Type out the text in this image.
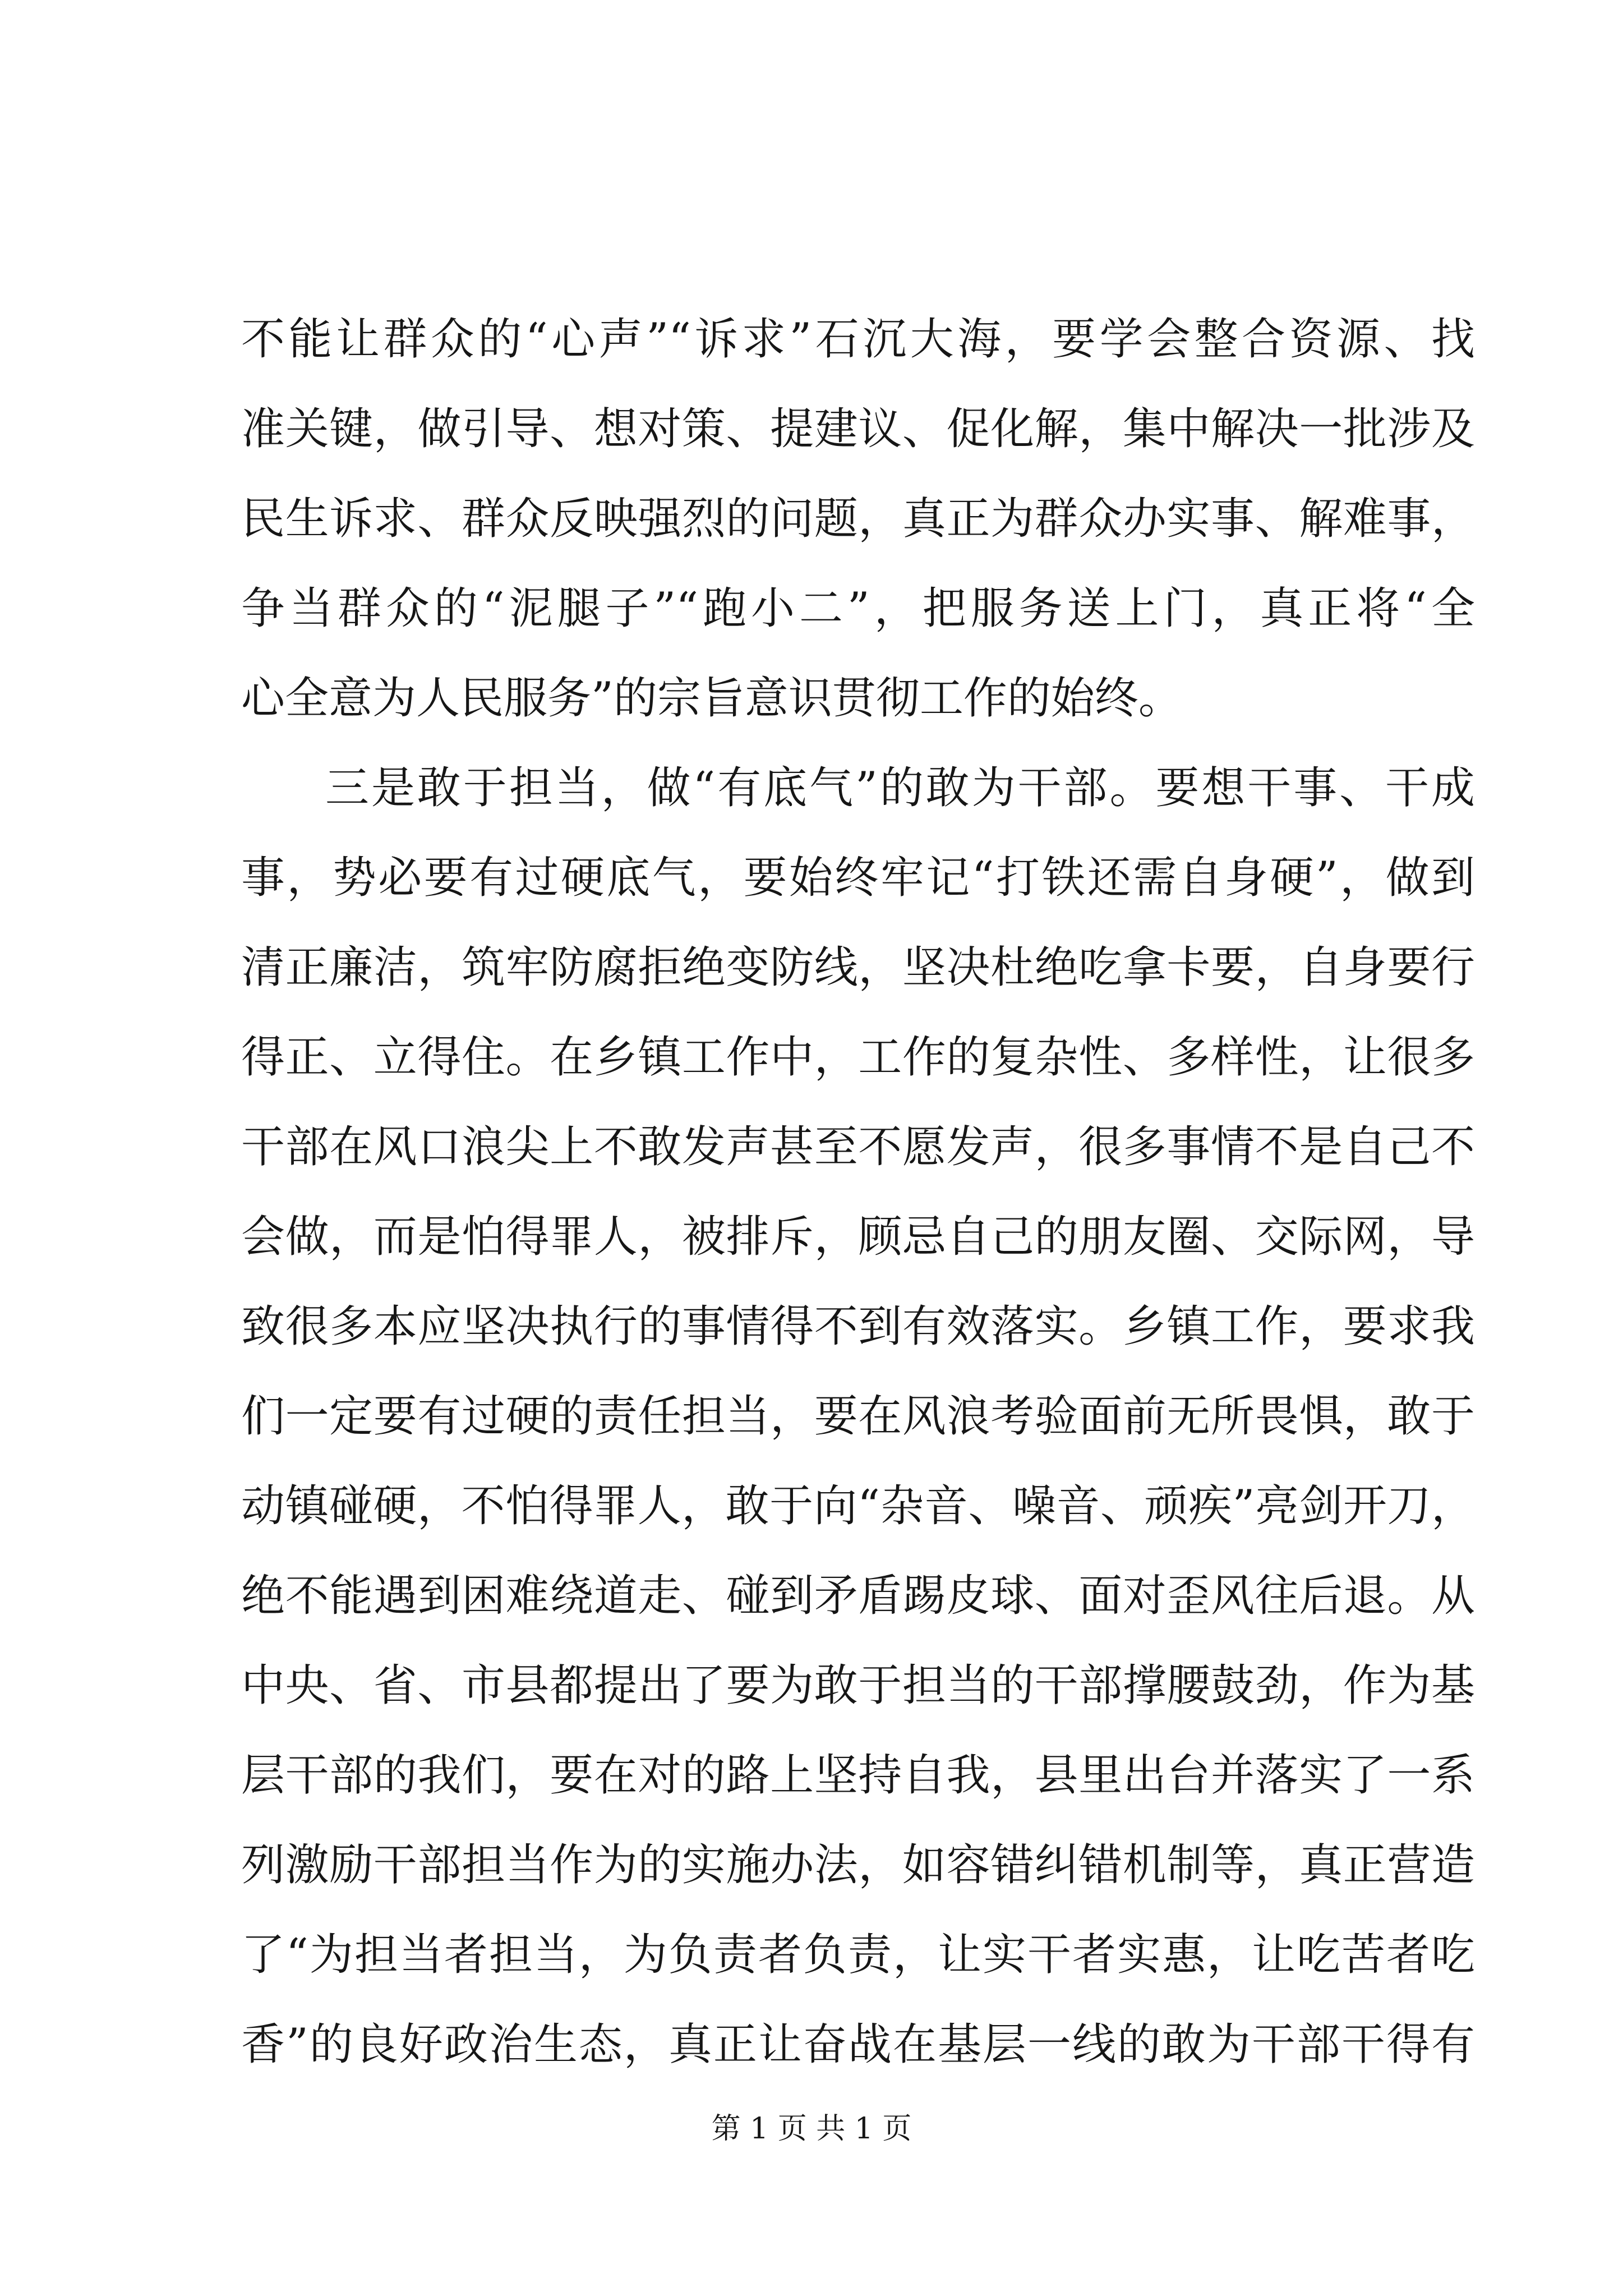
不能让群众的“心声”“诉求”石沉大海，要学会整合资源、找
准关键，做引导、想对策、提建议、促化解，集中解决一批涉及
民生诉求、群众反映强烈的问题，真正为群众办实事、解难事，
争当群众的“泥腿子”“跑小二”，把服务送上门，真正将“全
心全意为人民服务”的宗旨意识贯彻工作的始终。
三是敢于担当，做“有底气”的敢为干部。要想干事、干成
事，势必要有过硬底气，要始终牢记“打铁还需自身硬”，做到
清正廉洁，筑牢防腐拒绝变防线，坚决杜绝吃拿卡要，自身要行
得正、立得住。在乡镇工作中，工作的复杂性、多样性，让很多
干部在风口浪尖上不敢发声甚至不愿发声，很多事情不是自己不
会做，而是怕得罪人，被排斥，顾忌自己的朋友圈、交际网，导
致很多本应坚决执行的事情得不到有效落实。乡镇工作，要求我
们一定要有过硬的责任担当，要在风浪考验面前无所畏惧，敢于
动镇碰硬，不怕得罪人，敢于向“杂音、噪音、顽疾”亮剑开刀，
绝不能遇到困难绕道走、碰到矛盾踢皮球、面对歪风往后退。从
中央、省、市县都提出了要为敢于担当的干部撑腰鼓劲，作为基
层干部的我们，要在对的路上坚持自我，县里出台并落实了一系
列激励干部担当作为的实施办法，如容错纠错机制等，真正营造
了“为担当者担当，为负责者负责，让实干者实惠，让吃苦者吃
香”的良好政治生态，真正让奋战在基层一线的敢为干部干得有
第 1 页 共 1 页
